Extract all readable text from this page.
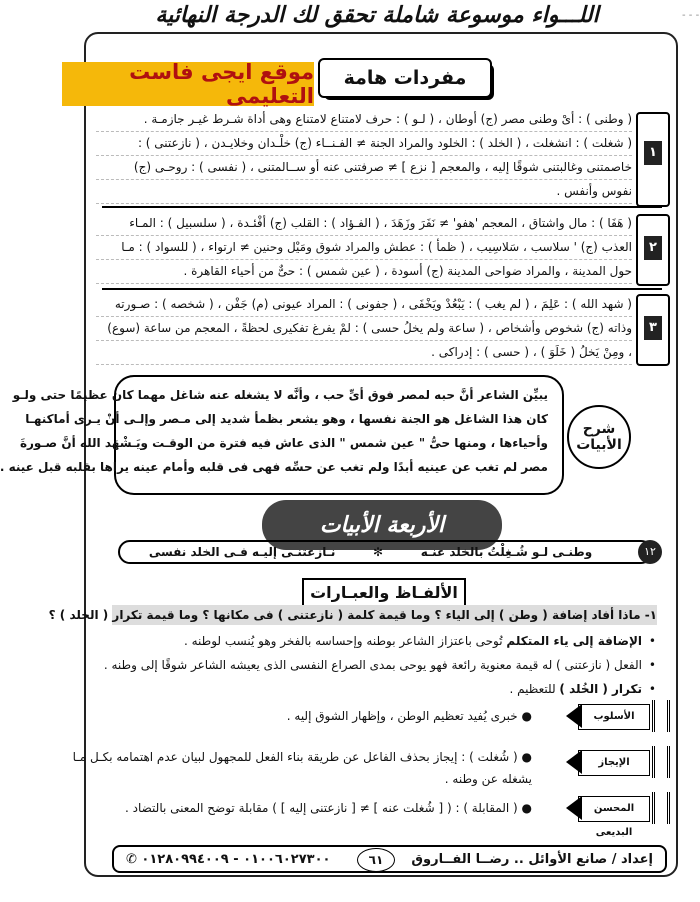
- - -
اللـــواء موسوعة شاملة تحقق لك الدرجة النهائية
موقع ايجى فاست التعليمى
مفردات هامة
١
( وطنى ) : أىْ وطنى مصر (ج) أوطان ، ( لـو ) : حرف لامتناع لامتناع وهى أداة شـرط غيـر جازمـة .
( شغلت ) : انشغلت ، ( الخلد ) : الخلود والمراد الجنة ≠ الفـنــاء (ج) خلْـدان وخلايـدن ، ( نازعتنى ) :
خاصمتنى وغالبتنى شوقًا إليه ، والمعجم [ نزع ] ≠ صرفتنى عنه أو ســالمتنى ، ( نفسى ) : روحـى (ج)
نفوس وأنفس .
٢
( هَفَا ) : مال واشتاق ، المعجم 'هفو' ≠ نَفَرَ وزَهَدَ ، ( الفـؤاد ) : القلب (ج) أفْئـدة ، ( سلسبيل ) : المـاء
العذب (ج) ' سلاسب ، سَلاسِيب ، ( ظمأ ) : عطش والمراد شوق ومَيْل وحنين ≠ ارتواء ، ( للسواد ) : مـا
حول المدينة ، والمراد ضواحى المدينة (ج) أسودة ، ( عين شمس ) : حىٌّ من أحياء القاهرة .
٣
( شهد الله ) : عَلِمَ ، ( لم يغب ) : يَبْعُدْ ويَخْفَى ، ( جفونى ) : المراد عيونى (م) جَفْن ، ( شخصه ) : صـورته
وذاته (ج) شخوص وأشخاص ، ( ساعة ولم يخلُ حسى ) : لمْ يفرغ تفكيرى لحظةً ، المعجم من ساعة (سوع)
، ومِنْ يَخلُ ( خَلَوَ ) ، ( حسى ) : إدراكى .
يبيِّن الشاعر أنَّ حبه لمصر فوق أىِّ حب ، وأنَّه لا يشغله عنه شاغل مهما كان عظيمًا حتى ولـو
كان هذا الشاغل هو الجنة نفسها ، وهو يشعر بظمأ شديد إلى مـصر وإلـى أنْ يـرى أماكنهـا
وأحياءها ، ومنها حىُّ " عين شمس " الذى عاش فيه فترة من الوقـت ويَـشْهَد الله أنَّ صـورةَ
مصر لم تغب عن عينيه أبدًا ولم تغب عن حسِّه فهى فى قلبه وأمام عينه يراها بقلبه قبل عينه .
شرح الأبيات
الأربعة الأبيات
وطنـى لـو شُـغِلْتُ بالخلد عنـه
✻
نـازعتنـى إليـه فـى الخلد نفسى	١٢
الألفـاظ والعبـارات
١- ماذا أفاد إضافة ( وطن ) إلى الياء ؟ وما قيمة كلمة ( نازعتنى ) فى مكانها ؟ وما قيمة تكرار ( الخلد ) ؟
الإضافة إلى ياء المتكلم تُوحى باعتزاز الشاعر بوطنه وإحساسه بالفخر وهو يُنسب لوطنه .
•
الفعل ( نازعتنى ) له قيمة معنوية رائعة فهو يوحى بمدى الصراع النفسى الذى يعيشه الشاعر شوقًا إلى وطنه .
•
تكرار ( الخُلد ) للتعظيم .
•
الأسلوب
● خبرى يُفيد تعظيم الوطن ، وإظهار الشوق إليه .
الإيجاز
● ( شُغلت ) : إيجاز بحذف الفاعل عن طريقة بناء الفعل للمجهول لبيان عدم اهتمامه بكـل مـا
يشغله عن وطنه .
المحسن البديعى
● ( المقابلة ) : ( [ شُغلت عنه ] ≠ [ نازعتنى إليه ] ) مقابلة توضح المعنى بالتضاد .
إعداد / صانع الأوائل .. رضــا الفــاروق
٠١٠٠٦٠٢٧٣٠٠ - ٠١٢٨٠٩٩٤٠٠٩ ✆	٦١
